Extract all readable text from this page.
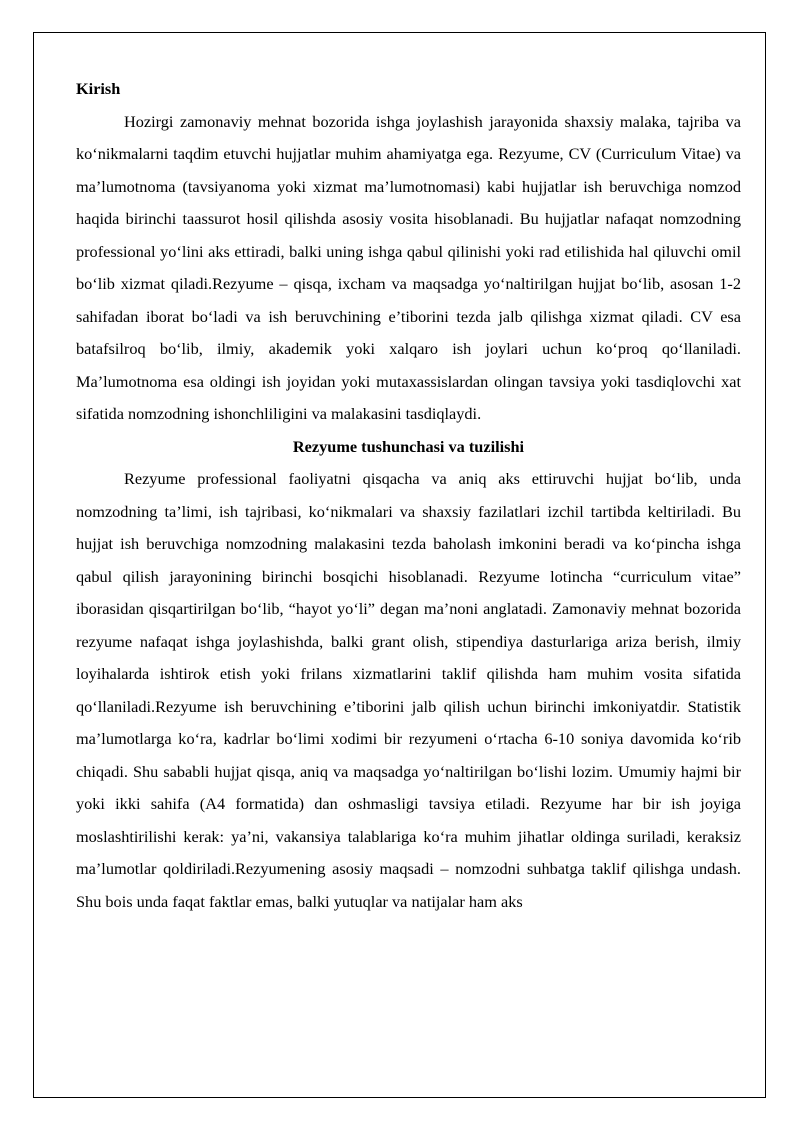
Kirish

Hozirgi zamonaviy mehnat bozorida ishga joylashish jarayonida shaxsiy malaka, tajriba va ko‘nikmalarni taqdim etuvchi hujjatlar muhim ahamiyatga ega. Rezyume, CV (Curriculum Vitae) va ma’lumotnoma (tavsiyanoma yoki xizmat ma’lumotnomasi) kabi hujjatlar ish beruvchiga nomzod haqida birinchi taassurot hosil qilishda asosiy vosita hisoblanadi. Bu hujjatlar nafaqat nomzodning professional yo‘lini aks ettiradi, balki uning ishga qabul qilinishi yoki rad etilishida hal qiluvchi omil bo‘lib xizmat qiladi.Rezyume – qisqa, ixcham va maqsadga yo‘naltirilgan hujjat bo‘lib, asosan 1-2 sahifadan iborat bo‘ladi va ish beruvchining e’tiborini tezda jalb qilishga xizmat qiladi. CV esa batafsilroq bo‘lib, ilmiy, akademik yoki xalqaro ish joylari uchun ko‘proq qo‘llaniladi. Ma’lumotnoma esa oldingi ish joyidan yoki mutaxassislardan olingan tavsiya yoki tasdiqlovchi xat sifatida nomzodning ishonchliligini va malakasini tasdiqlaydi.

Rezyume tushunchasi va tuzilishi

Rezyume professional faoliyatni qisqacha va aniq aks ettiruvchi hujjat bo‘lib, unda nomzodning ta’limi, ish tajribasi, ko‘nikmalari va shaxsiy fazilatlari izchil tartibda keltiriladi. Bu hujjat ish beruvchiga nomzodning malakasini tezda baholash imkonini beradi va ko‘pincha ishga qabul qilish jarayonining birinchi bosqichi hisoblanadi. Rezyume lotincha “curriculum vitae” iborasidan qisqartirilgan bo‘lib, “hayot yo‘li” degan ma’noni anglatadi. Zamonaviy mehnat bozorida rezyume nafaqat ishga joylashishda, balki grant olish, stipendiya dasturlariga ariza berish, ilmiy loyihalarda ishtirok etish yoki frilans xizmatlarini taklif qilishda ham muhim vosita sifatida qo‘llaniladi.Rezyume ish beruvchining e’tiborini jalb qilish uchun birinchi imkoniyatdir. Statistik ma’lumotlarga ko‘ra, kadrlar bo‘limi xodimi bir rezyumeni o‘rtacha 6-10 soniya davomida ko‘rib chiqadi. Shu sababli hujjat qisqa, aniq va maqsadga yo‘naltirilgan bo‘lishi lozim. Umumiy hajmi bir yoki ikki sahifa (A4 formatida) dan oshmasligi tavsiya etiladi. Rezyume har bir ish joyiga moslashtirilishi kerak: ya’ni, vakansiya talablariga ko‘ra muhim jihatlar oldinga suriladi, keraksiz ma’lumotlar qoldiriladi.Rezyumening asosiy maqsadi – nomzodni suhbatga taklif qilishga undash. Shu bois unda faqat faktlar emas, balki yutuqlar va natijalar ham aks
